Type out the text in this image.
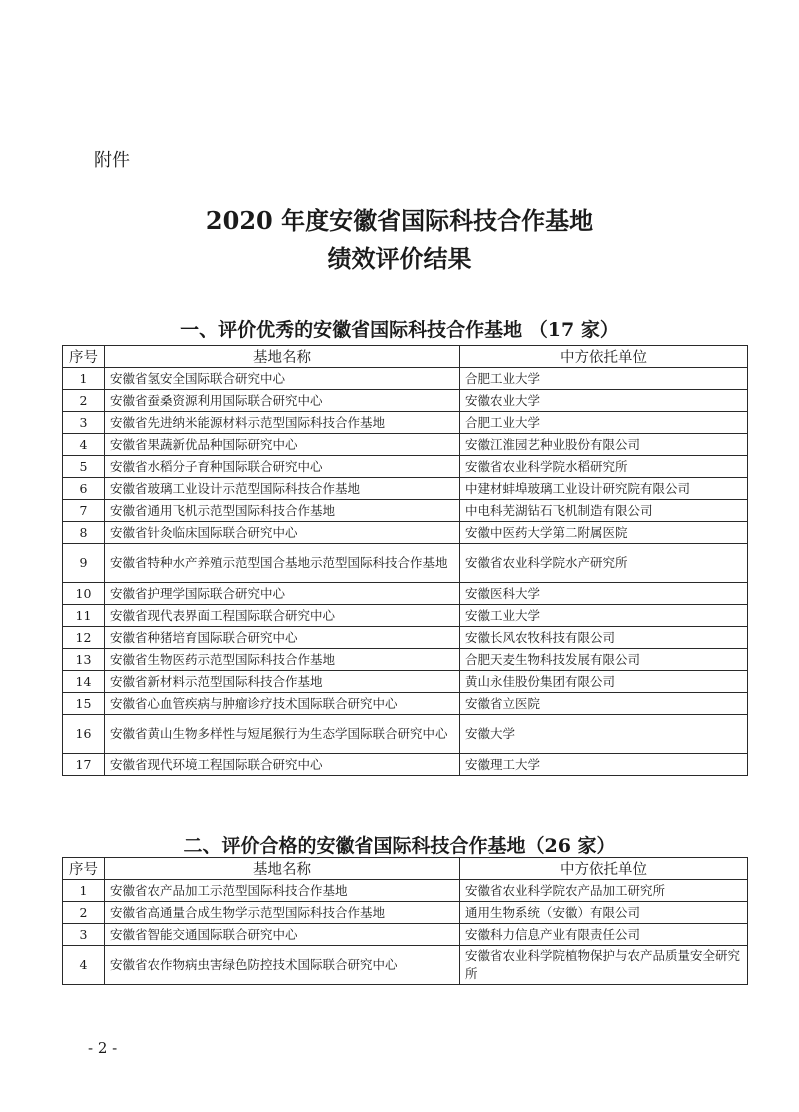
附件
2020 年度安徽省国际科技合作基地
绩效评价结果
一、评价优秀的安徽省国际科技合作基地 （17 家）
序号	基地名称	中方依托单位
1	安徽省氢安全国际联合研究中心	合肥工业大学
2	安徽省蚕桑资源利用国际联合研究中心	安徽农业大学
3	安徽省先进纳米能源材料示范型国际科技合作基地	合肥工业大学
4	安徽省果蔬新优品种国际研究中心	安徽江淮园艺种业股份有限公司
5	安徽省水稻分子育种国际联合研究中心	安徽省农业科学院水稻研究所
6	安徽省玻璃工业设计示范型国际科技合作基地	中建材蚌埠玻璃工业设计研究院有限公司
7	安徽省通用飞机示范型国际科技合作基地	中电科芜湖钻石飞机制造有限公司
8	安徽省针灸临床国际联合研究中心	安徽中医药大学第二附属医院
9	安徽省特种水产养殖示范型国合基地示范型国际科技合作基地	安徽省农业科学院水产研究所
10	安徽省护理学国际联合研究中心	安徽医科大学
11	安徽省现代表界面工程国际联合研究中心	安徽工业大学
12	安徽省种猪培育国际联合研究中心	安徽长风农牧科技有限公司
13	安徽省生物医药示范型国际科技合作基地	合肥天麦生物科技发展有限公司
14	安徽省新材料示范型国际科技合作基地	黄山永佳股份集团有限公司
15	安徽省心血管疾病与肿瘤诊疗技术国际联合研究中心	安徽省立医院
16	安徽省黄山生物多样性与短尾猴行为生态学国际联合研究中心	安徽大学
17	安徽省现代环境工程国际联合研究中心	安徽理工大学
二、评价合格的安徽省国际科技合作基地（26 家）
序号	基地名称	中方依托单位
1	安徽省农产品加工示范型国际科技合作基地	安徽省农业科学院农产品加工研究所
2	安徽省高通量合成生物学示范型国际科技合作基地	通用生物系统（安徽）有限公司
3	安徽省智能交通国际联合研究中心	安徽科力信息产业有限责任公司
4	安徽省农作物病虫害绿色防控技术国际联合研究中心	安徽省农业科学院植物保护与农产品质量安全研究所
- 2 -
